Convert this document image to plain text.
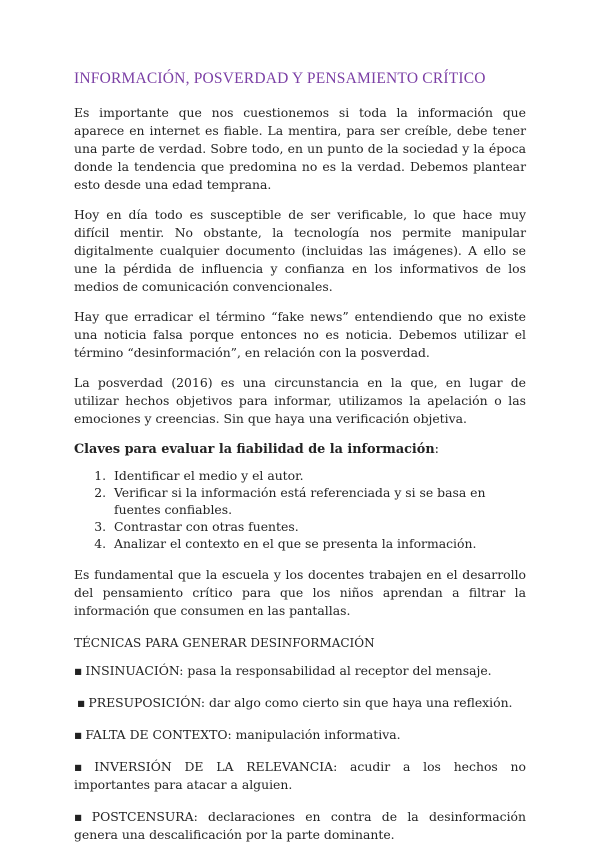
INFORMACIÓN, POSVERDAD Y PENSAMIENTO CRÍTICO

Es importante que nos cuestionemos si toda la información que aparece en internet es fiable. La mentira, para ser creíble, debe tener una parte de verdad. Sobre todo, en un punto de la sociedad y la época donde la tendencia que predomina no es la verdad. Debemos plantear esto desde una edad temprana.

Hoy en día todo es susceptible de ser verificable, lo que hace muy difícil mentir. No obstante, la tecnología nos permite manipular digitalmente cualquier documento (incluidas las imágenes). A ello se une la pérdida de influencia y confianza en los informativos de los medios de comunicación convencionales.

Hay que erradicar el término “fake news” entendiendo que no existe una noticia falsa porque entonces no es noticia. Debemos utilizar el término “desinformación”, en relación con la posverdad.

La posverdad (2016) es una circunstancia en la que, en lugar de utilizar hechos objetivos para informar, utilizamos la apelación o las emociones y creencias. Sin que haya una verificación objetiva.

Claves para evaluar la fiabilidad de la información:
1. Identificar el medio y el autor.
2. Verificar si la información está referenciada y si se basa en fuentes confiables.
3. Contrastar con otras fuentes.
4. Analizar el contexto en el que se presenta la información.

Es fundamental que la escuela y los docentes trabajen en el desarrollo del pensamiento crítico para que los niños aprendan a filtrar la información que consumen en las pantallas.

TÉCNICAS PARA GENERAR DESINFORMACIÓN
▪ INSINUACIÓN: pasa la responsabilidad al receptor del mensaje.
▪ PRESUPOSICIÓN: dar algo como cierto sin que haya una reflexión.
▪ FALTA DE CONTEXTO: manipulación informativa.
▪ INVERSIÓN DE LA RELEVANCIA: acudir a los hechos no importantes para atacar a alguien.
▪ POSTCENSURA: declaraciones en contra de la desinformación genera una descalificación por la parte dominante.
